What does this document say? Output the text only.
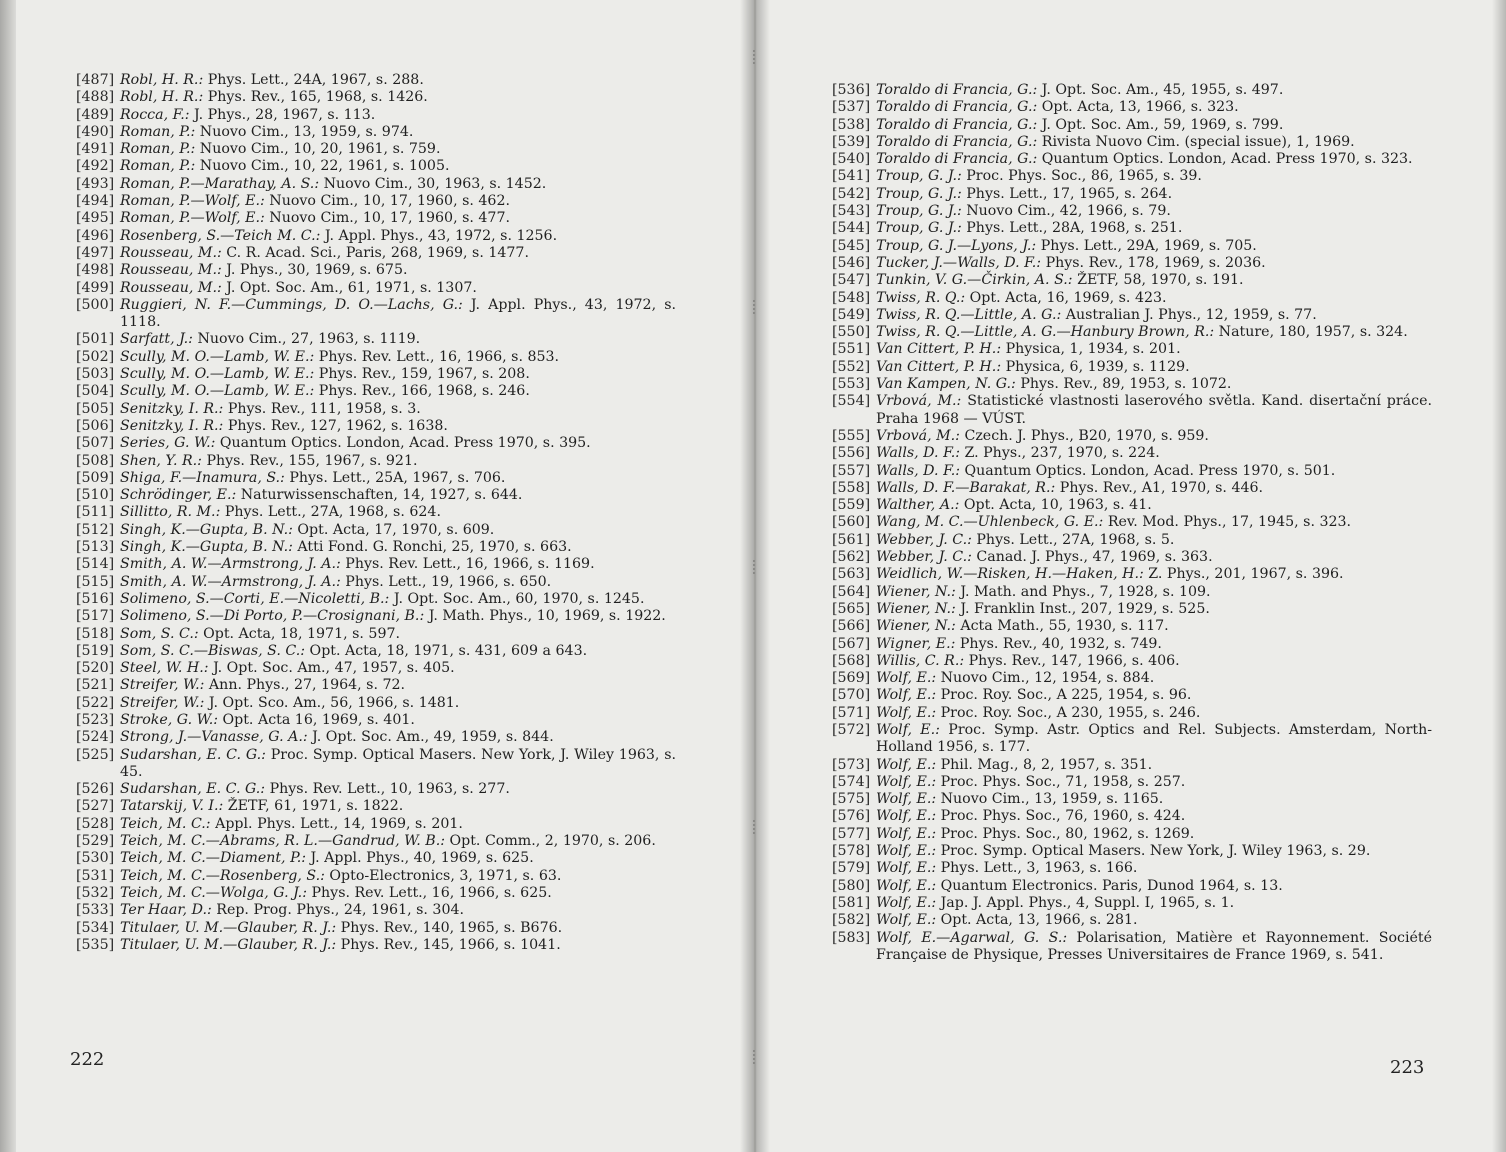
[487] Robl, H. R.: Phys. Lett., 24A, 1967, s. 288.
[488] Robl, H. R.: Phys. Rev., 165, 1968, s. 1426.
[489] Rocca, F.: J. Phys., 28, 1967, s. 113.
[490] Roman, P.: Nuovo Cim., 13, 1959, s. 974.
[491] Roman, P.: Nuovo Cim., 10, 20, 1961, s. 759.
[492] Roman, P.: Nuovo Cim., 10, 22, 1961, s. 1005.
[493] Roman, P.—Marathay, A. S.: Nuovo Cim., 30, 1963, s. 1452.
[494] Roman, P.—Wolf, E.: Nuovo Cim., 10, 17, 1960, s. 462.
[495] Roman, P.—Wolf, E.: Nuovo Cim., 10, 17, 1960, s. 477.
[496] Rosenberg, S.—Teich M. C.: J. Appl. Phys., 43, 1972, s. 1256.
[497] Rousseau, M.: C. R. Acad. Sci., Paris, 268, 1969, s. 1477.
[498] Rousseau, M.: J. Phys., 30, 1969, s. 675.
[499] Rousseau, M.: J. Opt. Soc. Am., 61, 1971, s. 1307.
[500] Ruggieri, N. F.—Cummings, D. O.—Lachs, G.: J. Appl. Phys., 43, 1972, s. 1118.
[501] Sarfatt, J.: Nuovo Cim., 27, 1963, s. 1119.
[502] Scully, M. O.—Lamb, W. E.: Phys. Rev. Lett., 16, 1966, s. 853.
[503] Scully, M. O.—Lamb, W. E.: Phys. Rev., 159, 1967, s. 208.
[504] Scully, M. O.—Lamb, W. E.: Phys. Rev., 166, 1968, s. 246.
[505] Senitzky, I. R.: Phys. Rev., 111, 1958, s. 3.
[506] Senitzky, I. R.: Phys. Rev., 127, 1962, s. 1638.
[507] Series, G. W.: Quantum Optics. London, Acad. Press 1970, s. 395.
[508] Shen, Y. R.: Phys. Rev., 155, 1967, s. 921.
[509] Shiga, F.—Inamura, S.: Phys. Lett., 25A, 1967, s. 706.
[510] Schrödinger, E.: Naturwissenschaften, 14, 1927, s. 644.
[511] Sillitto, R. M.: Phys. Lett., 27A, 1968, s. 624.
[512] Singh, K.—Gupta, B. N.: Opt. Acta, 17, 1970, s. 609.
[513] Singh, K.—Gupta, B. N.: Atti Fond. G. Ronchi, 25, 1970, s. 663.
[514] Smith, A. W.—Armstrong, J. A.: Phys. Rev. Lett., 16, 1966, s. 1169.
[515] Smith, A. W.—Armstrong, J. A.: Phys. Lett., 19, 1966, s. 650.
[516] Solimeno, S.—Corti, E.—Nicoletti, B.: J. Opt. Soc. Am., 60, 1970, s. 1245.
[517] Solimeno, S.—Di Porto, P.—Crosignani, B.: J. Math. Phys., 10, 1969, s. 1922.
[518] Som, S. C.: Opt. Acta, 18, 1971, s. 597.
[519] Som, S. C.—Biswas, S. C.: Opt. Acta, 18, 1971, s. 431, 609 a 643.
[520] Steel, W. H.: J. Opt. Soc. Am., 47, 1957, s. 405.
[521] Streifer, W.: Ann. Phys., 27, 1964, s. 72.
[522] Streifer, W.: J. Opt. Sco. Am., 56, 1966, s. 1481.
[523] Stroke, G. W.: Opt. Acta 16, 1969, s. 401.
[524] Strong, J.—Vanasse, G. A.: J. Opt. Soc. Am., 49, 1959, s. 844.
[525] Sudarshan, E. C. G.: Proc. Symp. Optical Masers. New York, J. Wiley 1963, s. 45.
[526] Sudarshan, E. C. G.: Phys. Rev. Lett., 10, 1963, s. 277.
[527] Tatarskij, V. I.: ŽETF, 61, 1971, s. 1822.
[528] Teich, M. C.: Appl. Phys. Lett., 14, 1969, s. 201.
[529] Teich, M. C.—Abrams, R. L.—Gandrud, W. B.: Opt. Comm., 2, 1970, s. 206.
[530] Teich, M. C.—Diament, P.: J. Appl. Phys., 40, 1969, s. 625.
[531] Teich, M. C.—Rosenberg, S.: Opto-Electronics, 3, 1971, s. 63.
[532] Teich, M. C.—Wolga, G. J.: Phys. Rev. Lett., 16, 1966, s. 625.
[533] Ter Haar, D.: Rep. Prog. Phys., 24, 1961, s. 304.
[534] Titulaer, U. M.—Glauber, R. J.: Phys. Rev., 140, 1965, s. B676.
[535] Titulaer, U. M.—Glauber, R. J.: Phys. Rev., 145, 1966, s. 1041.
222
[536] Toraldo di Francia, G.: J. Opt. Soc. Am., 45, 1955, s. 497.
[537] Toraldo di Francia, G.: Opt. Acta, 13, 1966, s. 323.
[538] Toraldo di Francia, G.: J. Opt. Soc. Am., 59, 1969, s. 799.
[539] Toraldo di Francia, G.: Rivista Nuovo Cim. (special issue), 1, 1969.
[540] Toraldo di Francia, G.: Quantum Optics. London, Acad. Press 1970, s. 323.
[541] Troup, G. J.: Proc. Phys. Soc., 86, 1965, s. 39.
[542] Troup, G. J.: Phys. Lett., 17, 1965, s. 264.
[543] Troup, G. J.: Nuovo Cim., 42, 1966, s. 79.
[544] Troup, G. J.: Phys. Lett., 28A, 1968, s. 251.
[545] Troup, G. J.—Lyons, J.: Phys. Lett., 29A, 1969, s. 705.
[546] Tucker, J.—Walls, D. F.: Phys. Rev., 178, 1969, s. 2036.
[547] Tunkin, V. G.—Čirkin, A. S.: ŽETF, 58, 1970, s. 191.
[548] Twiss, R. Q.: Opt. Acta, 16, 1969, s. 423.
[549] Twiss, R. Q.—Little, A. G.: Australian J. Phys., 12, 1959, s. 77.
[550] Twiss, R. Q.—Little, A. G.—Hanbury Brown, R.: Nature, 180, 1957, s. 324.
[551] Van Cittert, P. H.: Physica, 1, 1934, s. 201.
[552] Van Cittert, P. H.: Physica, 6, 1939, s. 1129.
[553] Van Kampen, N. G.: Phys. Rev., 89, 1953, s. 1072.
[554] Vrbová, M.: Statistické vlastnosti laserového světla. Kand. disertační práce. Praha 1968 — VÚST.
[555] Vrbová, M.: Czech. J. Phys., B20, 1970, s. 959.
[556] Walls, D. F.: Z. Phys., 237, 1970, s. 224.
[557] Walls, D. F.: Quantum Optics. London, Acad. Press 1970, s. 501.
[558] Walls, D. F.—Barakat, R.: Phys. Rev., A1, 1970, s. 446.
[559] Walther, A.: Opt. Acta, 10, 1963, s. 41.
[560] Wang, M. C.—Uhlenbeck, G. E.: Rev. Mod. Phys., 17, 1945, s. 323.
[561] Webber, J. C.: Phys. Lett., 27A, 1968, s. 5.
[562] Webber, J. C.: Canad. J. Phys., 47, 1969, s. 363.
[563] Weidlich, W.—Risken, H.—Haken, H.: Z. Phys., 201, 1967, s. 396.
[564] Wiener, N.: J. Math. and Phys., 7, 1928, s. 109.
[565] Wiener, N.: J. Franklin Inst., 207, 1929, s. 525.
[566] Wiener, N.: Acta Math., 55, 1930, s. 117.
[567] Wigner, E.: Phys. Rev., 40, 1932, s. 749.
[568] Willis, C. R.: Phys. Rev., 147, 1966, s. 406.
[569] Wolf, E.: Nuovo Cim., 12, 1954, s. 884.
[570] Wolf, E.: Proc. Roy. Soc., A 225, 1954, s. 96.
[571] Wolf, E.: Proc. Roy. Soc., A 230, 1955, s. 246.
[572] Wolf, E.: Proc. Symp. Astr. Optics and Rel. Subjects. Amsterdam, North-Holland 1956, s. 177.
[573] Wolf, E.: Phil. Mag., 8, 2, 1957, s. 351.
[574] Wolf, E.: Proc. Phys. Soc., 71, 1958, s. 257.
[575] Wolf, E.: Nuovo Cim., 13, 1959, s. 1165.
[576] Wolf, E.: Proc. Phys. Soc., 76, 1960, s. 424.
[577] Wolf, E.: Proc. Phys. Soc., 80, 1962, s. 1269.
[578] Wolf, E.: Proc. Symp. Optical Masers. New York, J. Wiley 1963, s. 29.
[579] Wolf, E.: Phys. Lett., 3, 1963, s. 166.
[580] Wolf, E.: Quantum Electronics. Paris, Dunod 1964, s. 13.
[581] Wolf, E.: Jap. J. Appl. Phys., 4, Suppl. I, 1965, s. 1.
[582] Wolf, E.: Opt. Acta, 13, 1966, s. 281.
[583] Wolf, E.—Agarwal, G. S.: Polarisation, Matière et Rayonnement. Société Française de Physique, Presses Universitaires de France 1969, s. 541.
223
